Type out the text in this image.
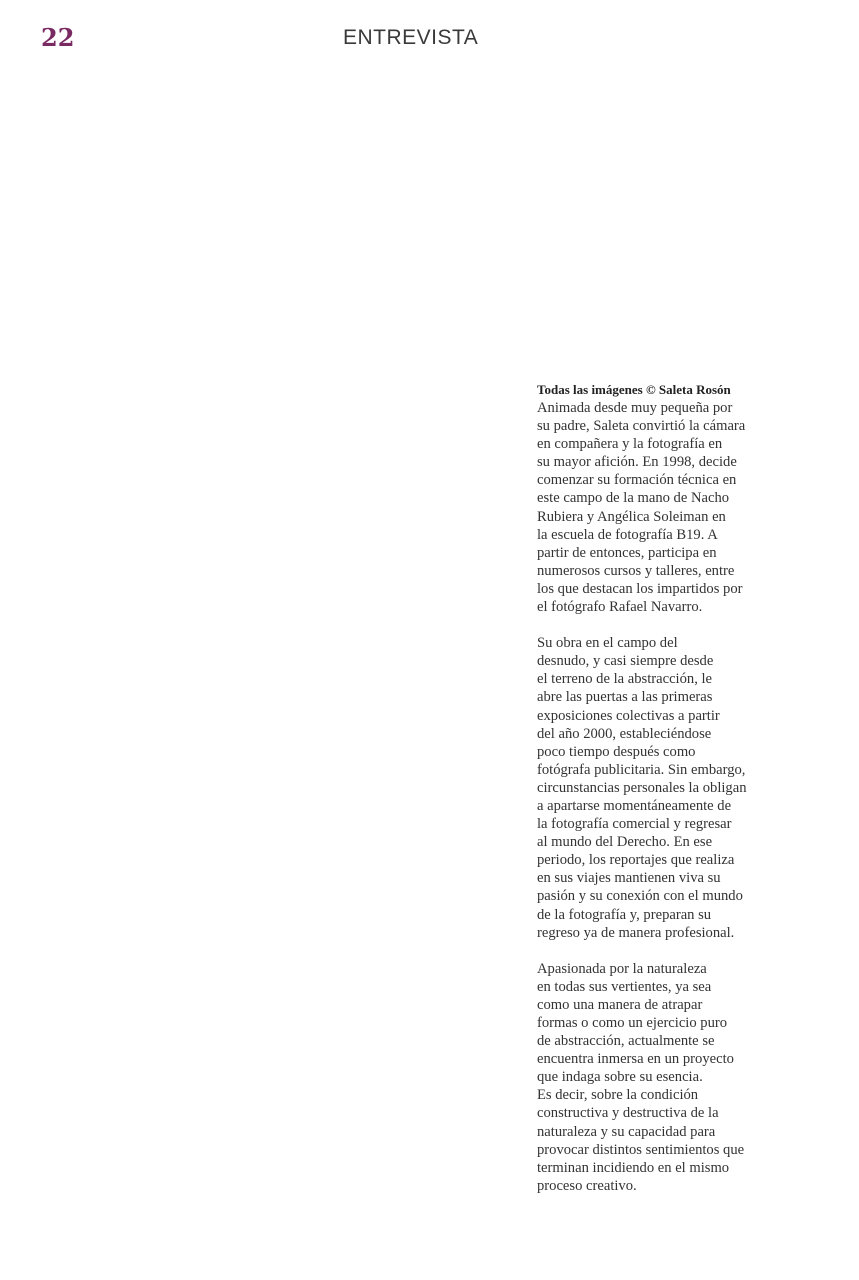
22	ENTREVISTA

Todas las imágenes © Saleta Rosón

Animada desde muy pequeña por
su padre, Saleta convirtió la cámara
en compañera y la fotografía en
su mayor afición. En 1998, decide
comenzar su formación técnica en
este campo de la mano de Nacho
Rubiera y Angélica Soleiman en
la escuela de fotografía B19. A
partir de entonces, participa en
numerosos cursos y talleres, entre
los que destacan los impartidos por
el fotógrafo Rafael Navarro.

Su obra en el campo del
desnudo, y casi siempre desde
el terreno de la abstracción, le
abre las puertas a las primeras
exposiciones colectivas a partir
del año 2000, estableciéndose
poco tiempo después como
fotógrafa publicitaria. Sin embargo,
circunstancias personales la obligan
a apartarse momentáneamente de
la fotografía comercial y regresar
al mundo del Derecho. En ese
periodo, los reportajes que realiza
en sus viajes mantienen viva su
pasión y su conexión con el mundo
de la fotografía y, preparan su
regreso ya de manera profesional.

Apasionada por la naturaleza
en todas sus vertientes, ya sea
como una manera de atrapar
formas o como un ejercicio puro
de abstracción, actualmente se
encuentra inmersa en un proyecto
que indaga sobre su esencia.
Es decir, sobre la condición
constructiva y destructiva de la
naturaleza y su capacidad para
provocar distintos sentimientos que
terminan incidiendo en el mismo
proceso creativo.
